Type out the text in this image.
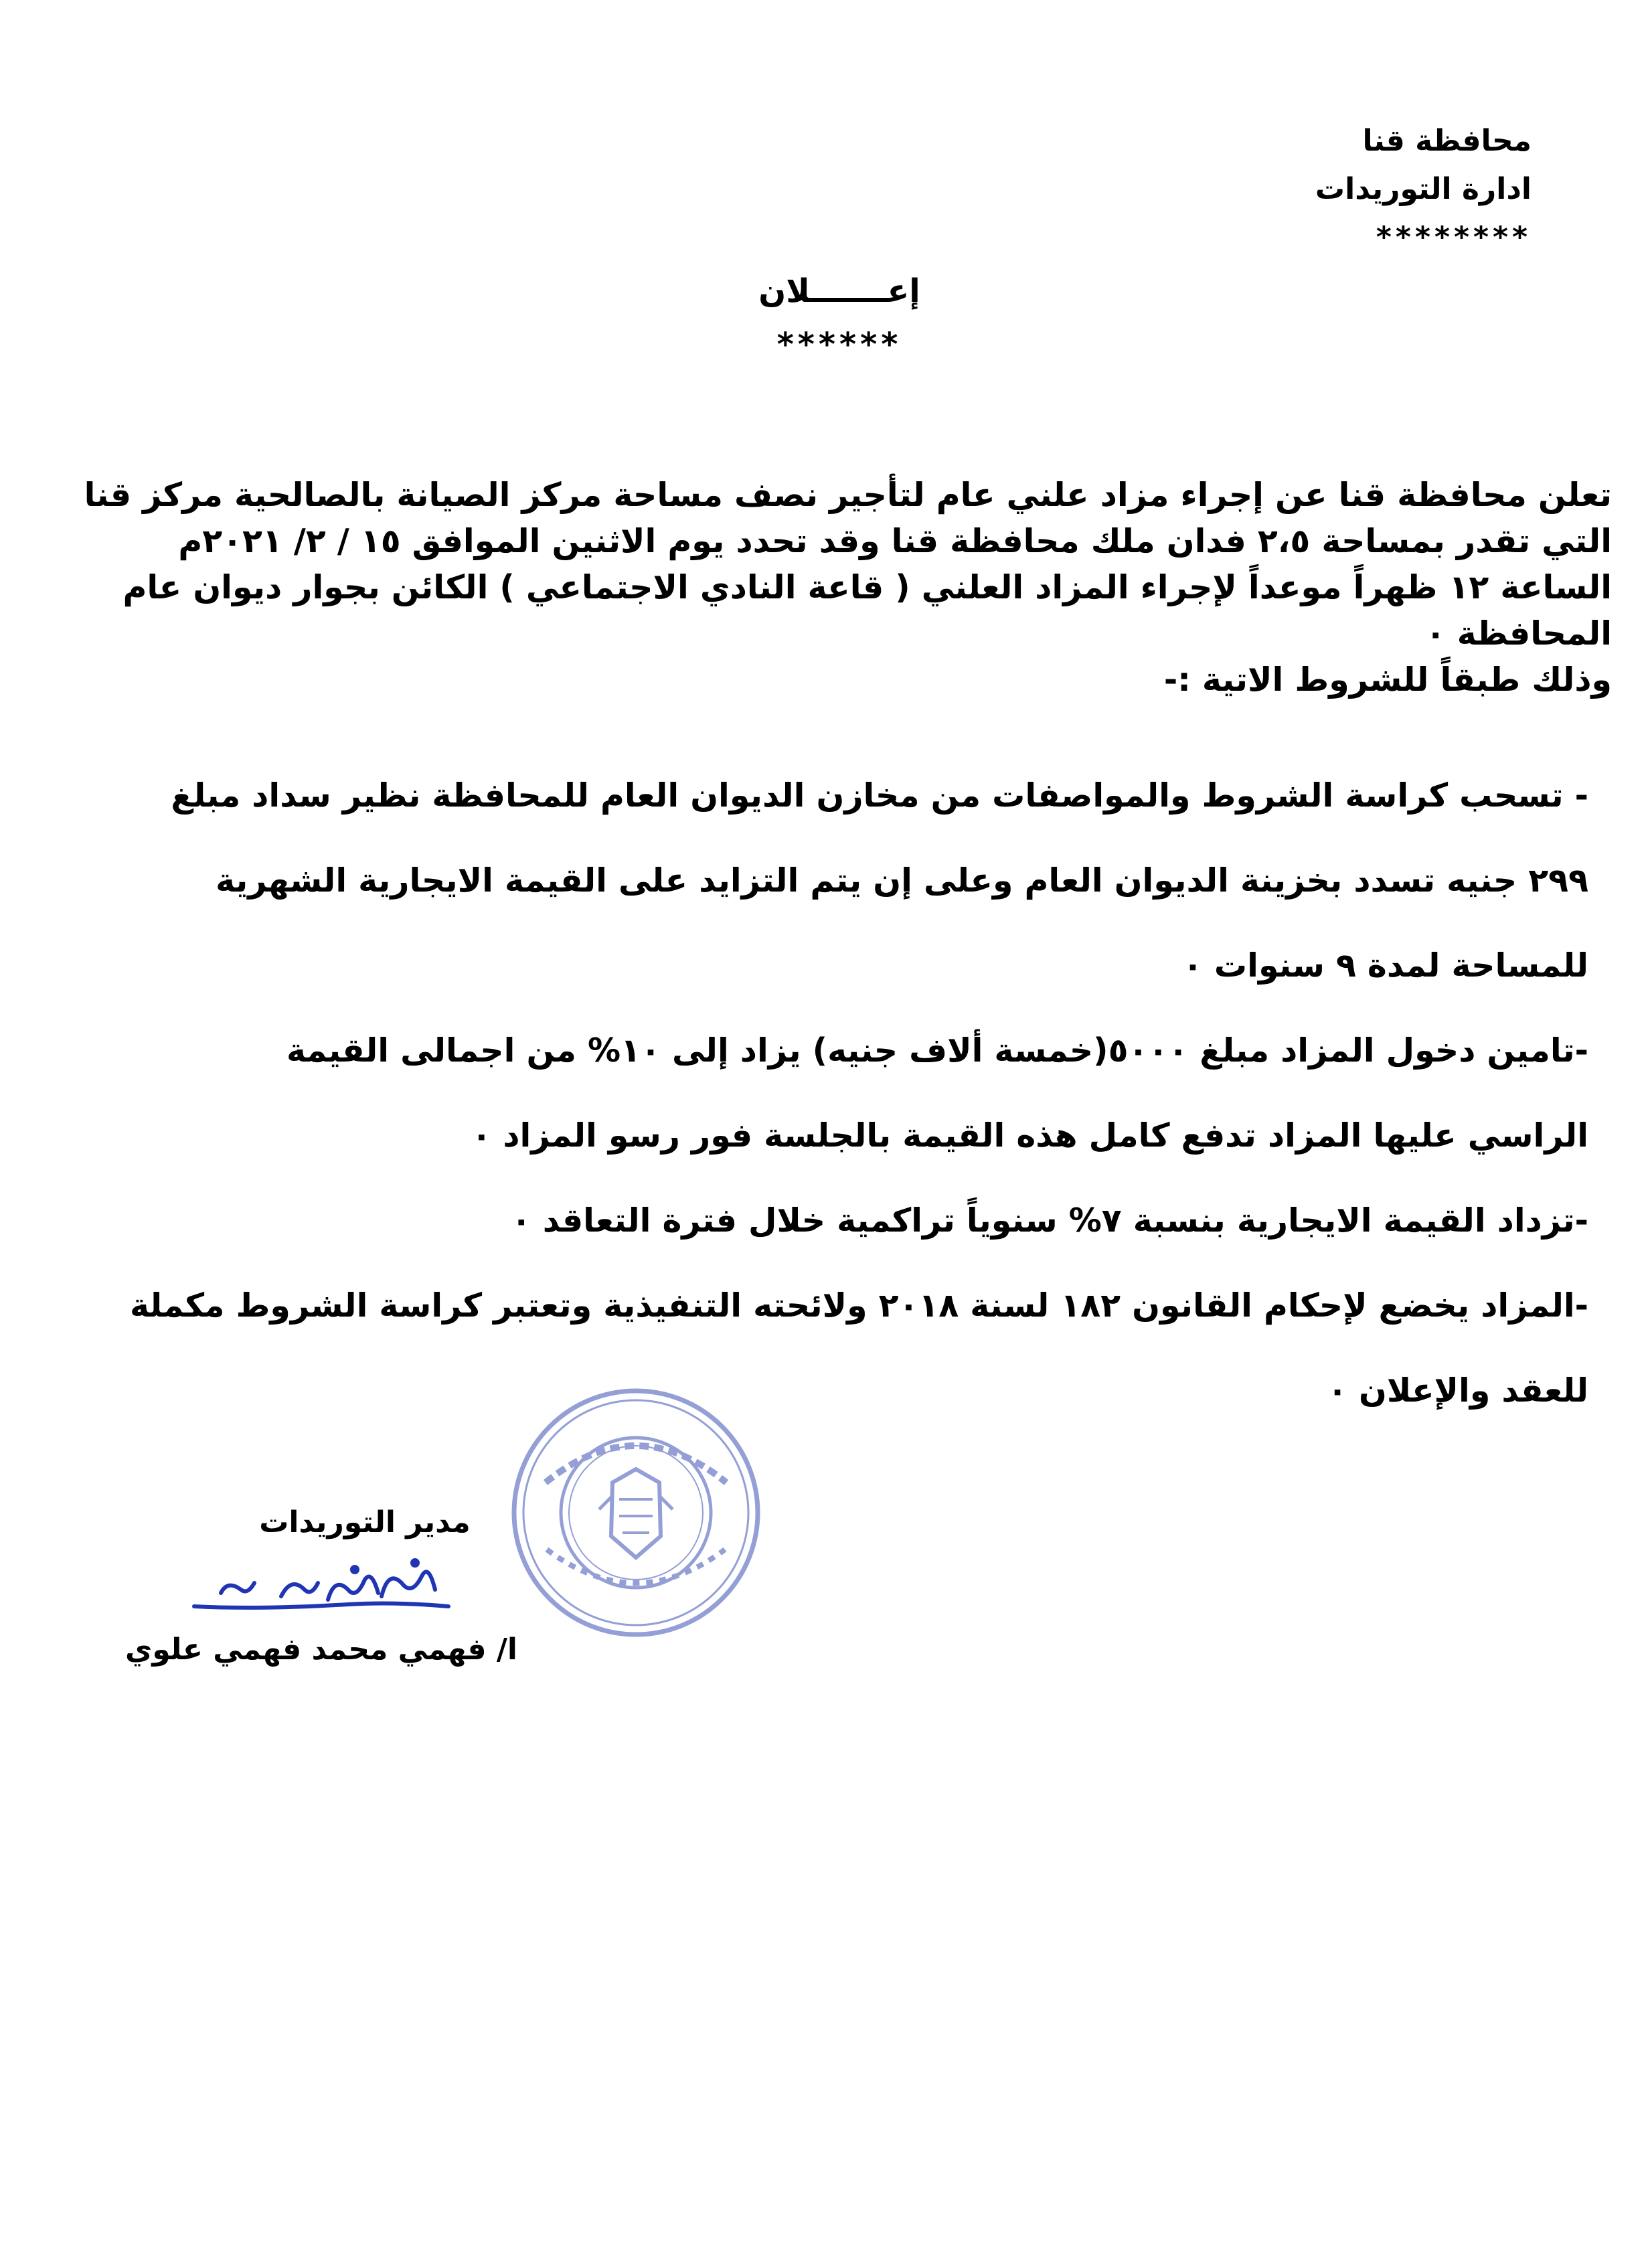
محافظة قنا
ادارة التوريدات
********
إعـــــــلان
******

تعلن محافظة قنا عن إجراء مزاد علني عام لتأجير نصف مساحة مركز الصيانة بالصالحية مركز قنا

التي تقدر بمساحة ٢،٥ فدان ملك محافظة قنا وقد تحدد يوم الاثنين الموافق ١٥ / ٢/ ٢٠٢١م

الساعة ١٢ ظهراً موعداً لإجراء المزاد العلني ( قاعة النادي الاجتماعي ) الكائن بجوار ديوان عام

المحافظة ٠

وذلك طبقاً للشروط الاتية :-

- تسحب كراسة الشروط والمواصفات من مخازن الديوان العام للمحافظة نظير سداد مبلغ

٢٩٩ جنيه تسدد بخزينة الديوان العام وعلى إن يتم التزايد على القيمة الايجارية الشهرية

للمساحة لمدة ٩ سنوات ٠

-تامين دخول المزاد مبلغ ٥٠٠٠(خمسة ألاف جنيه) يزاد إلى ١٠% من اجمالى القيمة

الراسي عليها المزاد تدفع كامل هذه القيمة بالجلسة فور رسو المزاد ٠

-تزداد القيمة الايجارية بنسبة ٧% سنوياً تراكمية خلال فترة التعاقد ٠

-المزاد يخضع لإحكام القانون ١٨٢ لسنة ٢٠١٨ ولائحته التنفيذية وتعتبر كراسة الشروط مكملة

للعقد والإعلان ٠

مدير التوريدات
ا/ فهمي محمد فهمي علوي
